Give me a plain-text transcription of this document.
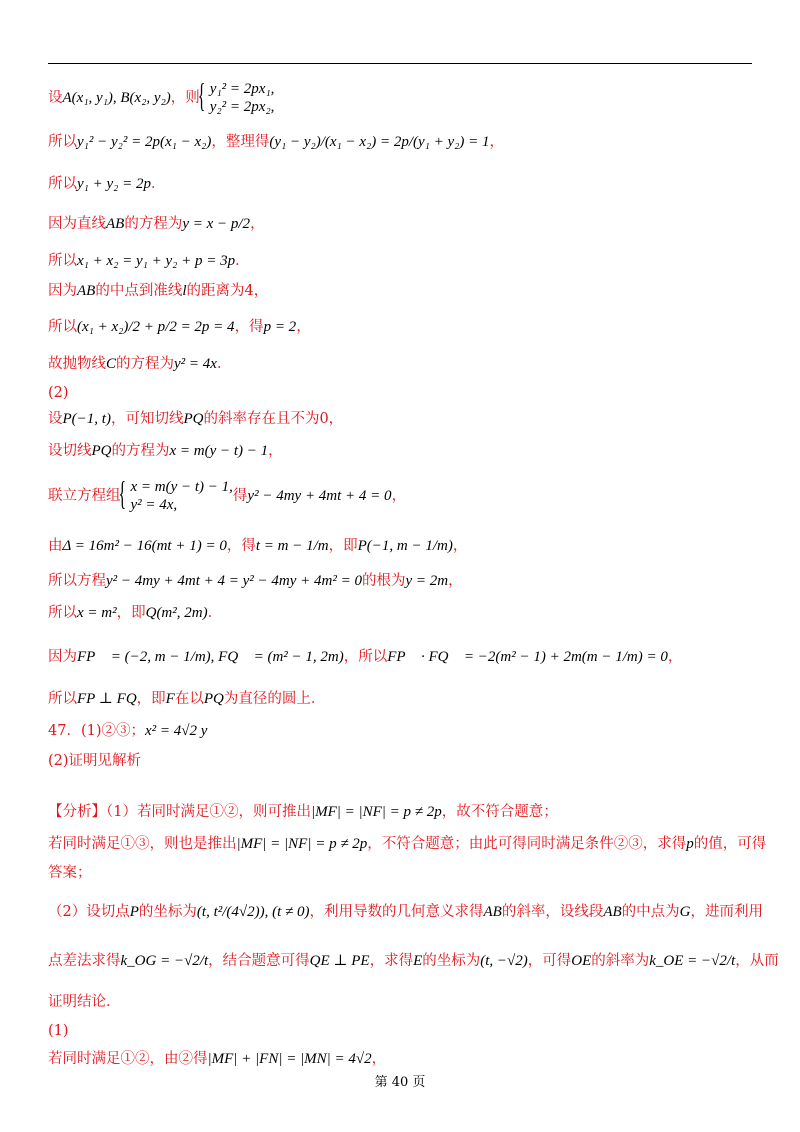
设A(x₁, y₁), B(x₂, y₂)，则
{ y₁² = 2px₁,
y₂² = 2px₂,
所以y₁² − y₂² = 2p(x₁ − x₂)，整理得(y₁ − y₂)/(x₁ − x₂) = 2p/(y₁ + y₂) = 1，
所以y₁ + y₂ = 2p．
因为直线AB的方程为y = x − p/2，
所以x₁ + x₂ = y₁ + y₂ + p = 3p．
因为AB的中点到准线l的距离为4，
所以(x₁ + x₂)/2 + p/2 = 2p = 4，得p = 2，
故抛物线C的方程为y² = 4x．
(2)
设P(−1, t)，可知切线PQ的斜率存在且不为0，
设切线PQ的方程为x = m(y − t) − 1，
联立方程组
{ x = m(y − t) − 1,
y² = 4x,
得y² − 4my + 4mt + 4 = 0，
由Δ = 16m² − 16(mt + 1) = 0，得t = m − 1/m，即P(−1, m − 1/m)，
所以方程y² − 4my + 4mt + 4 = y² − 4my + 4m² = 0的根为y = 2m，
所以x = m²，即Q(m², 2m)．
因为FP⃗ = (−2, m − 1/m), FQ⃗ = (m² − 1, 2m)，所以FP⃗ · FQ⃗ = −2(m² − 1) + 2m(m − 1/m) = 0，
所以FP ⊥ FQ，即F在以PQ为直径的圆上．
47．(1)②③；x² = 4√2 y
(2)证明见解析
【分析】（1）若同时满足①②，则可推出|MF| = |NF| = p ≠ 2p，故不符合题意；
若同时满足①③，则也是推出|MF| = |NF| = p ≠ 2p，不符合题意；由此可得同时满足条件②③，求得p的值，可得
答案；
（2）设切点P的坐标为(t, t²/(4√2)), (t ≠ 0)，利用导数的几何意义求得AB的斜率，设线段AB的中点为G，进而利用
点差法求得k_OG = −√2/t，结合题意可得QE ⊥ PE，求得E的坐标为(t, −√2)，可得OE的斜率为k_OE = −√2/t，从而
证明结论．
(1)
若同时满足①②，由②得|MF| + |FN| = |MN| = 4√2，
第 40 页
